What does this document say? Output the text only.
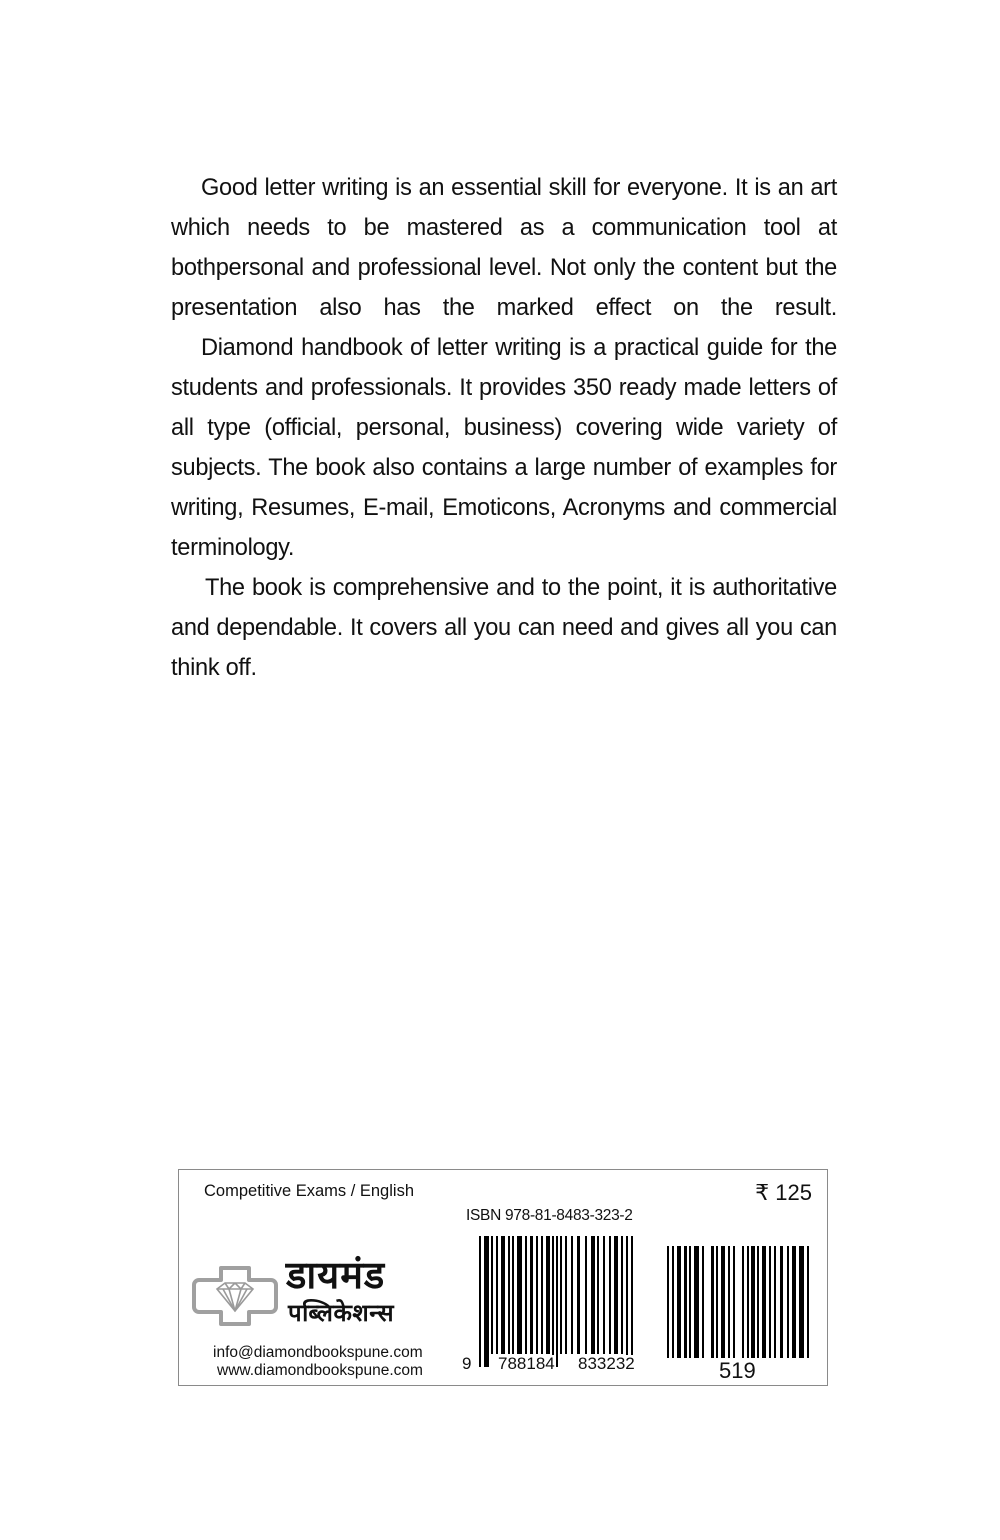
Good letter writing is an essential skill for everyone. It is an art which needs to be mastered as a communication tool at bothpersonal and professional level. Not only the content but the presentation also has the marked effect on the result.

Diamond handbook of letter writing is a practical guide for the students and professionals. It provides 350 ready made letters of all type (official, personal, business) covering wide variety of subjects. The book also contains a large number of examples for writing, Resumes, E-mail, Emoticons, Acronyms and commercial terminology.

The book is comprehensive and to the point, it is authoritative and dependable. It covers all you can need and gives all you can think off.

Competitive Exams / English	₹ 125
ISBN 978-81-8483-323-2
डायमंड
पब्लिकेशन्स
info@diamondbookspune.com
www.diamondbookspune.com 9 788184 833232	519
